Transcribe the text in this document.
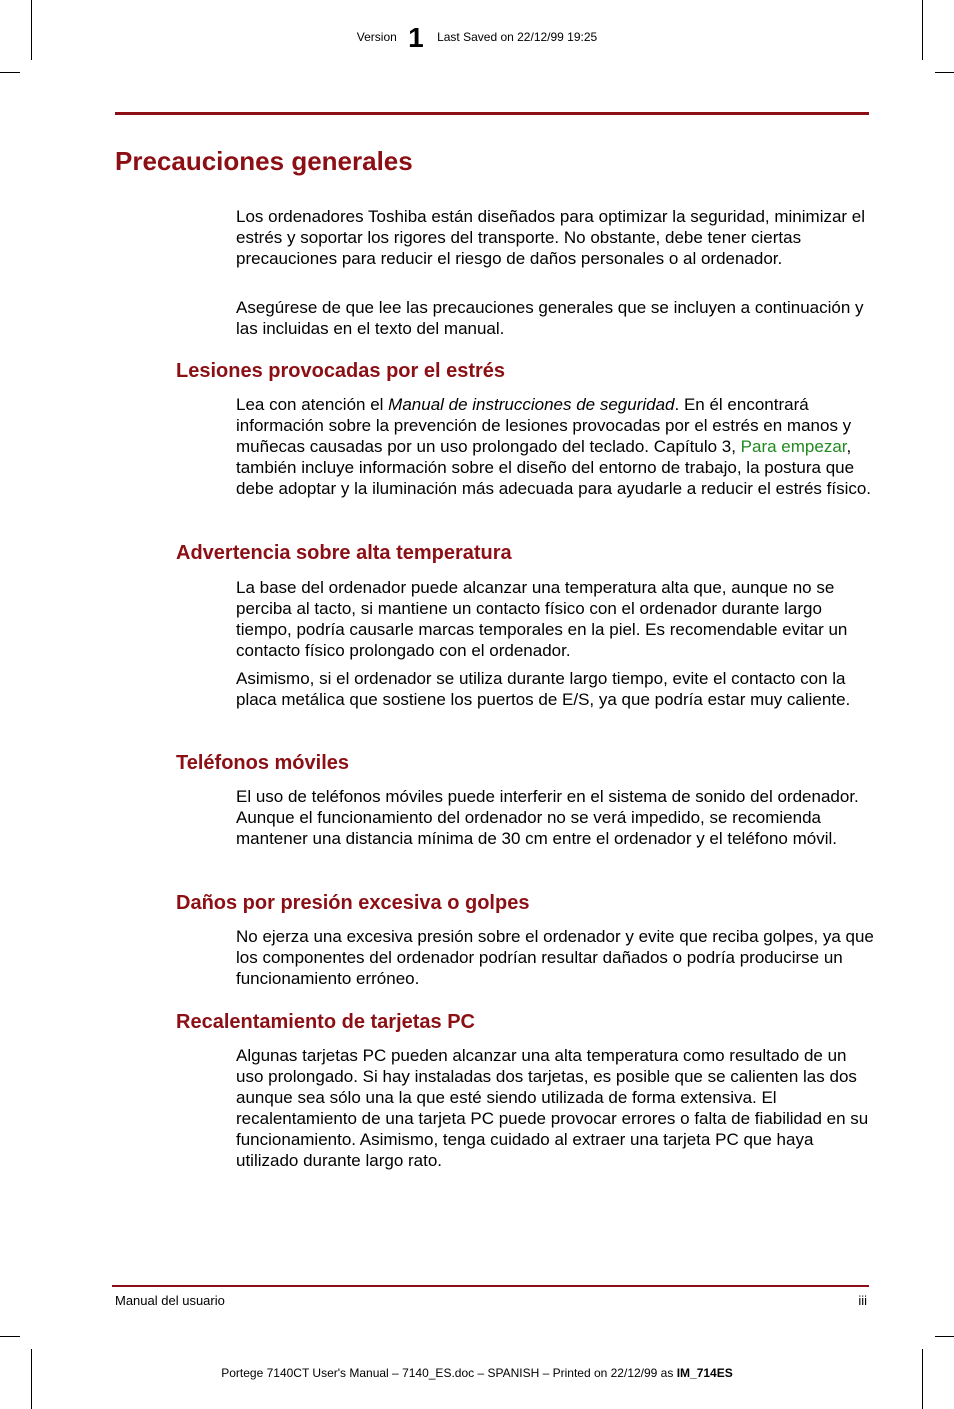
Version 1 Last Saved on 22/12/99 19:25
Precauciones generales

Los ordenadores Toshiba están diseñados para optimizar la seguridad, minimizar el estrés y soportar los rigores del transporte. No obstante, debe tener ciertas precauciones para reducir el riesgo de daños personales o al ordenador.

Asegúrese de que lee las precauciones generales que se incluyen a continuación y las incluidas en el texto del manual.

Lesiones provocadas por el estrés

Lea con atención el Manual de instrucciones de seguridad. En él encontrará información sobre la prevención de lesiones provocadas por el estrés en manos y muñecas causadas por un uso prolongado del teclado. Capítulo 3, Para empezar, también incluye información sobre el diseño del entorno de trabajo, la postura que debe adoptar y la iluminación más adecuada para ayudarle a reducir el estrés físico.

Advertencia sobre alta temperatura

La base del ordenador puede alcanzar una temperatura alta que, aunque no se perciba al tacto, si mantiene un contacto físico con el ordenador durante largo tiempo, podría causarle marcas temporales en la piel. Es recomendable evitar un contacto físico prolongado con el ordenador.

Asimismo, si el ordenador se utiliza durante largo tiempo, evite el contacto con la placa metálica que sostiene los puertos de E/S, ya que podría estar muy caliente.

Teléfonos móviles

El uso de teléfonos móviles puede interferir en el sistema de sonido del ordenador. Aunque el funcionamiento del ordenador no se verá impedido, se recomienda mantener una distancia mínima de 30 cm entre el ordenador y el teléfono móvil.

Daños por presión excesiva o golpes

No ejerza una excesiva presión sobre el ordenador y evite que reciba golpes, ya que los componentes del ordenador podrían resultar dañados o podría producirse un funcionamiento erróneo.

Recalentamiento de tarjetas PC

Algunas tarjetas PC pueden alcanzar una alta temperatura como resultado de un uso prolongado. Si hay instaladas dos tarjetas, es posible que se calienten las dos aunque sea sólo una la que esté siendo utilizada de forma extensiva. El recalentamiento de una tarjeta PC puede provocar errores o falta de fiabilidad en su funcionamiento. Asimismo, tenga cuidado al extraer una tarjeta PC que haya utilizado durante largo rato.

Manual del usuario	iii
Portege 7140CT User's Manual – 7140_ES.doc – SPANISH – Printed on 22/12/99 as IM_714ES
